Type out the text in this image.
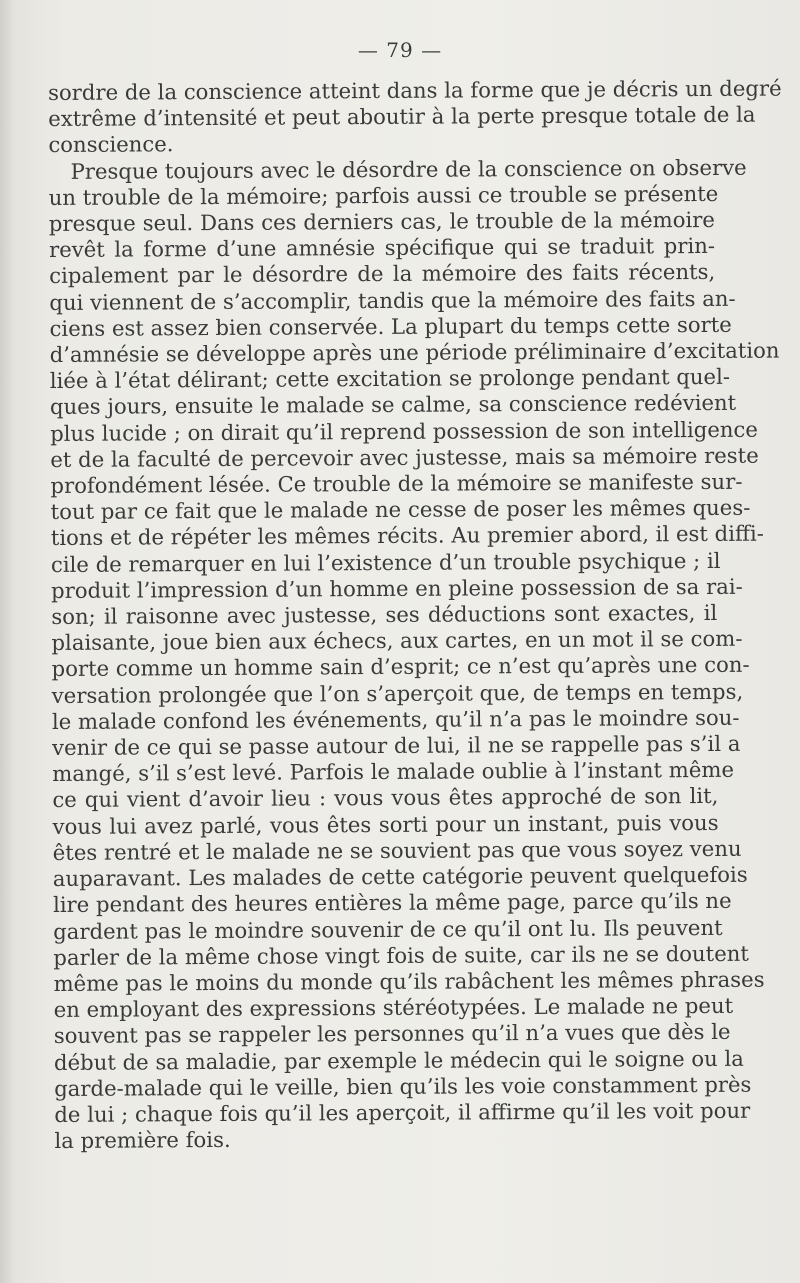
— 79 —
sordre de la conscience atteint dans la forme que je décris un degré
extrême d’intensité et peut aboutir à la perte presque totale de la
conscience.
Presque toujours avec le désordre de la conscience on observe
un trouble de la mémoire; parfois aussi ce trouble se présente
presque seul. Dans ces derniers cas, le trouble de la mémoire
revêt la forme d’une amnésie spécifique qui se traduit prin-
cipalement par le désordre de la mémoire des faits récents,
qui viennent de s’accomplir, tandis que la mémoire des faits an-
ciens est assez bien conservée. La plupart du temps cette sorte
d’amnésie se développe après une période préliminaire d’excitation
liée à l’état délirant; cette excitation se prolonge pendant quel-
ques jours, ensuite le malade se calme, sa conscience redévient
plus lucide ; on dirait qu’il reprend possession de son intelligence
et de la faculté de percevoir avec justesse, mais sa mémoire reste
profondément lésée. Ce trouble de la mémoire se manifeste sur-
tout par ce fait que le malade ne cesse de poser les mêmes ques-
tions et de répéter les mêmes récits. Au premier abord, il est diffi-
cile de remarquer en lui l’existence d’un trouble psychique ; il
produit l’impression d’un homme en pleine possession de sa rai-
son; il raisonne avec justesse, ses déductions sont exactes, il
plaisante, joue bien aux échecs, aux cartes, en un mot il se com-
porte comme un homme sain d’esprit; ce n’est qu’après une con-
versation prolongée que l’on s’aperçoit que, de temps en temps,
le malade confond les événements, qu’il n’a pas le moindre sou-
venir de ce qui se passe autour de lui, il ne se rappelle pas s’il a
mangé, s’il s’est levé. Parfois le malade oublie à l’instant même
ce qui vient d’avoir lieu : vous vous êtes approché de son lit,
vous lui avez parlé, vous êtes sorti pour un instant, puis vous
êtes rentré et le malade ne se souvient pas que vous soyez venu
auparavant. Les malades de cette catégorie peuvent quelquefois
lire pendant des heures entières la même page, parce qu’ils ne
gardent pas le moindre souvenir de ce qu’il ont lu. Ils peuvent
parler de la même chose vingt fois de suite, car ils ne se doutent
même pas le moins du monde qu’ils rabâchent les mêmes phrases
en employant des expressions stéréotypées. Le malade ne peut
souvent pas se rappeler les personnes qu’il n’a vues que dès le
début de sa maladie, par exemple le médecin qui le soigne ou la
garde-malade qui le veille, bien qu’ils les voie constamment près
de lui ; chaque fois qu’il les aperçoit, il affirme qu’il les voit pour
la première fois.
